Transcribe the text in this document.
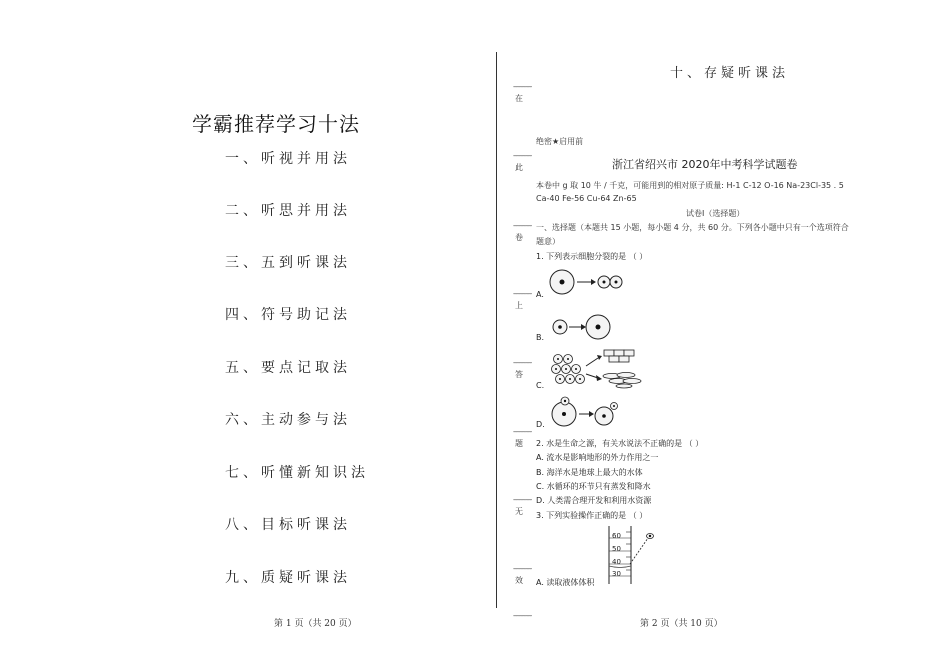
学霸推荐学习十法
一、听视并用法
二、听思并用法
三、五到听课法
四、符号助记法
五、要点记取法
六、主动参与法
七、听懂新知识法
八、目标听课法
九、质疑听课法
第 1 页（共 20 页）
十、存疑听课法
------------
在
------------
此
------------
卷
------------
上
------------
答
------------
题
------------
无
------------
效
------------
绝密★启用前
浙江省绍兴市 2020年中考科学试题卷
本卷中 g 取 10 牛 / 千克，可能用到的相对原子质量: H-1 C-12 O-16 Na-23Cl-35 . 5
Ca-40 Fe-56 Cu-64 Zn-65
试卷Ⅰ（选择题）
一、选择题（本题共 15 小题，每小题 4 分，共 60 分。下列各小题中只有一个选项符合
题意）
1. 下列表示细胞分裂的是 （ ）
A.
B.
C.
D.
2. 水是生命之源，有关水说法不正确的是 （ ）
A. 流水是影响地形的外力作用之一
B. 海洋水是地球上最大的水体
C. 水循环的环节只有蒸发和降水
D. 人类需合理开发和利用水资源
3. 下列实验操作正确的是 （ ）
60
50
40
30
A. 读取液体体积
第 2 页（共 10 页）
